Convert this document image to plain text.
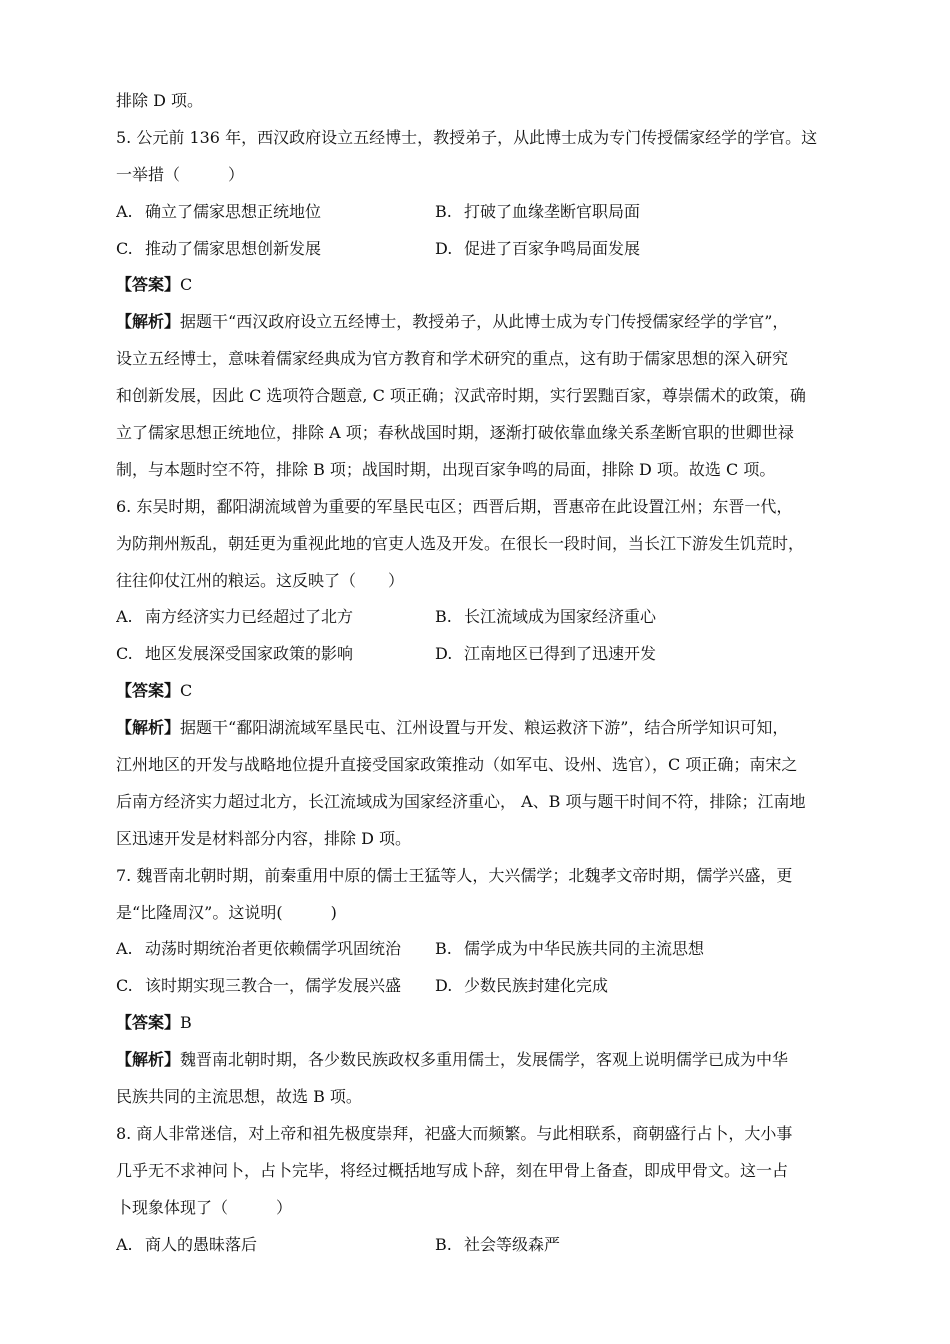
排除 D 项。
5. 公元前 136 年，西汉政府设立五经博士，教授弟子，从此博士成为专门传授儒家经学的学官。这
一举措（　　　）
A. 确立了儒家思想正统地位	B. 打破了血缘垄断官职局面
C. 推动了儒家思想创新发展	D. 促进了百家争鸣局面发展
【答案】C
【解析】据题干“西汉政府设立五经博士，教授弟子，从此博士成为专门传授儒家经学的学官”，
设立五经博士，意味着儒家经典成为官方教育和学术研究的重点，这有助于儒家思想的深入研究
和创新发展，因此 C 选项符合题意, C 项正确；汉武帝时期，实行罢黜百家，尊崇儒术的政策，确
立了儒家思想正统地位，排除 A 项；春秋战国时期，逐渐打破依靠血缘关系垄断官职的世卿世禄
制，与本题时空不符，排除 B 项；战国时期，出现百家争鸣的局面，排除 D 项。故选 C 项。
6. 东吴时期，鄱阳湖流域曾为重要的军垦民屯区；西晋后期，晋惠帝在此设置江州；东晋一代，
为防荆州叛乱，朝廷更为重视此地的官吏人选及开发。在很长一段时间，当长江下游发生饥荒时，
往往仰仗江州的粮运。这反映了（　　）
A. 南方经济实力已经超过了北方	B. 长江流域成为国家经济重心
C. 地区发展深受国家政策的影响	D. 江南地区已得到了迅速开发
【答案】C
【解析】据题干“鄱阳湖流域军垦民屯、江州设置与开发、粮运救济下游”，结合所学知识可知，
江州地区的开发与战略地位提升直接受国家政策推动（如军屯、设州、选官），C 项正确；南宋之
后南方经济实力超过北方，长江流域成为国家经济重心， A、B 项与题干时间不符，排除；江南地
区迅速开发是材料部分内容，排除 D 项。
7. 魏晋南北朝时期，前秦重用中原的儒士王猛等人，大兴儒学；北魏孝文帝时期，儒学兴盛，更
是“比隆周汉”。这说明(　　　)
A. 动荡时期统治者更依赖儒学巩固统治	B. 儒学成为中华民族共同的主流思想
C. 该时期实现三教合一，儒学发展兴盛	D. 少数民族封建化完成
【答案】B
【解析】魏晋南北朝时期，各少数民族政权多重用儒士，发展儒学，客观上说明儒学已成为中华
民族共同的主流思想，故选 B 项。
8. 商人非常迷信，对上帝和祖先极度崇拜，祀盛大而频繁。与此相联系，商朝盛行占卜，大小事
几乎无不求神问卜，占卜完毕，将经过概括地写成卜辞，刻在甲骨上备查，即成甲骨文。这一占
卜现象体现了（　　　）
A. 商人的愚昧落后	B. 社会等级森严
